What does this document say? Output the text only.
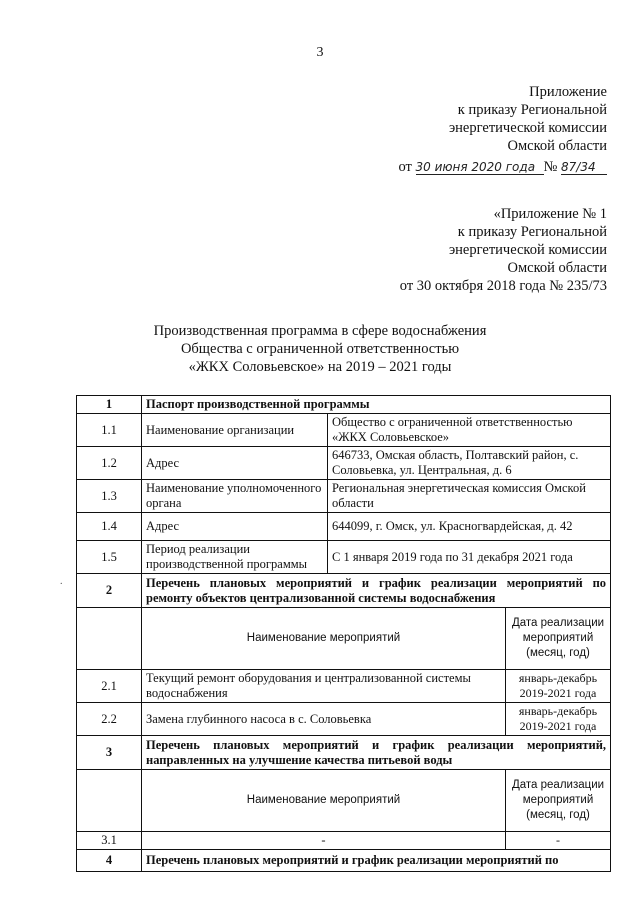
3
Приложение
к приказу Региональной
энергетической комиссии
Омской области
от 30 июня 2020 года № 87/34
«Приложение № 1
к приказу Региональной
энергетической комиссии
Омской области
от 30 октября 2018 года № 235/73
Производственная программа в сфере водоснабжения
Общества с ограниченной ответственностью
«ЖКХ Соловьевское» на 2019 – 2021 годы
.
1	Паспорт производственной программы		
1.1	Наименование организации	Общество с ограниченной ответственностью «ЖКХ Соловьевское»	
1.2	Адрес	646733, Омская область, Полтавский район, с. Соловьевка, ул. Центральная, д. 6	
1.3	Наименование уполномоченного органа	Региональная энергетическая комиссия Омской области	
1.4	Адрес	644099, г. Омск, ул. Красногвардейская, д. 42	
1.5	Период реализации производственной программы	С 1 января 2019 года по 31 декабря 2021 года	
2	Перечень плановых мероприятий и график реализации мероприятий по ремонту объектов централизованной системы водоснабжения		
	Наименование мероприятий		Дата реализации мероприятий (месяц, год)
2.1	Текущий ремонт оборудования и централизованной системы водоснабжения		январь-декабрь 2019-2021 года
2.2	Замена глубинного насоса в с. Соловьевка		январь-декабрь 2019-2021 года
3	Перечень плановых мероприятий и график реализации мероприятий, направленных на улучшение качества питьевой воды		
	Наименование мероприятий		Дата реализации мероприятий (месяц, год)
3.1	-		-
4	Перечень плановых мероприятий и график реализации мероприятий по		
